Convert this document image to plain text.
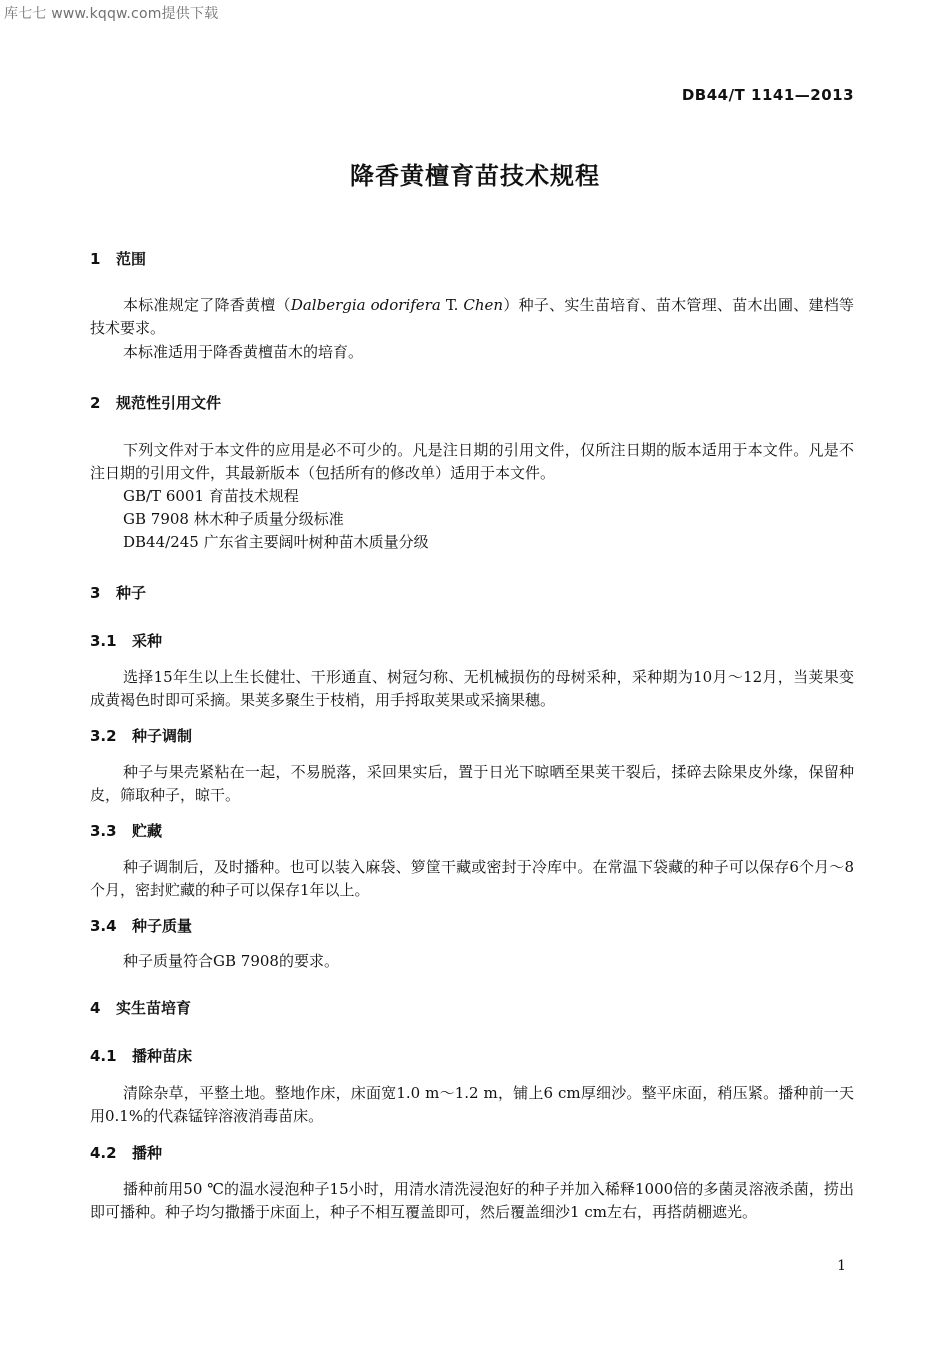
库七七 www.kqqw.com提供下载
DB44/T 1141—2013
降香黄檀育苗技术规程
1 范围

本标准规定了降香黄檀（Dalbergia odorifera T. Chen）种子、实生苗培育、苗木管理、苗木出圃、建档等技术要求。

本标准适用于降香黄檀苗木的培育。

2 规范性引用文件

下列文件对于本文件的应用是必不可少的。凡是注日期的引用文件，仅所注日期的版本适用于本文件。凡是不注日期的引用文件，其最新版本（包括所有的修改单）适用于本文件。

GB/T 6001 育苗技术规程
GB 7908 林木种子质量分级标准
DB44/245 广东省主要阔叶树种苗木质量分级
3 种子
3.1 采种

选择15年生以上生长健壮、干形通直、树冠匀称、无机械损伤的母树采种，采种期为10月～12月，当荚果变成黄褐色时即可采摘。果荚多聚生于枝梢，用手捋取荚果或采摘果穗。

3.2 种子调制

种子与果壳紧粘在一起，不易脱落，采回果实后，置于日光下晾晒至果荚干裂后，揉碎去除果皮外缘，保留种皮，筛取种子，晾干。

3.3 贮藏

种子调制后，及时播种。也可以装入麻袋、箩筐干藏或密封于冷库中。在常温下袋藏的种子可以保存6个月～8个月，密封贮藏的种子可以保存1年以上。

3.4 种子质量

种子质量符合GB 7908的要求。

4 实生苗培育
4.1 播种苗床

清除杂草，平整土地。整地作床，床面宽1.0 m～1.2 m，铺上6 cm厚细沙。整平床面，稍压紧。播种前一天用0.1%的代森锰锌溶液消毒苗床。

4.2 播种

播种前用50 ℃的温水浸泡种子15小时，用清水清洗浸泡好的种子并加入稀释1000倍的多菌灵溶液杀菌，捞出即可播种。种子均匀撒播于床面上，种子不相互覆盖即可，然后覆盖细沙1 cm左右，再搭荫棚遮光。

1
